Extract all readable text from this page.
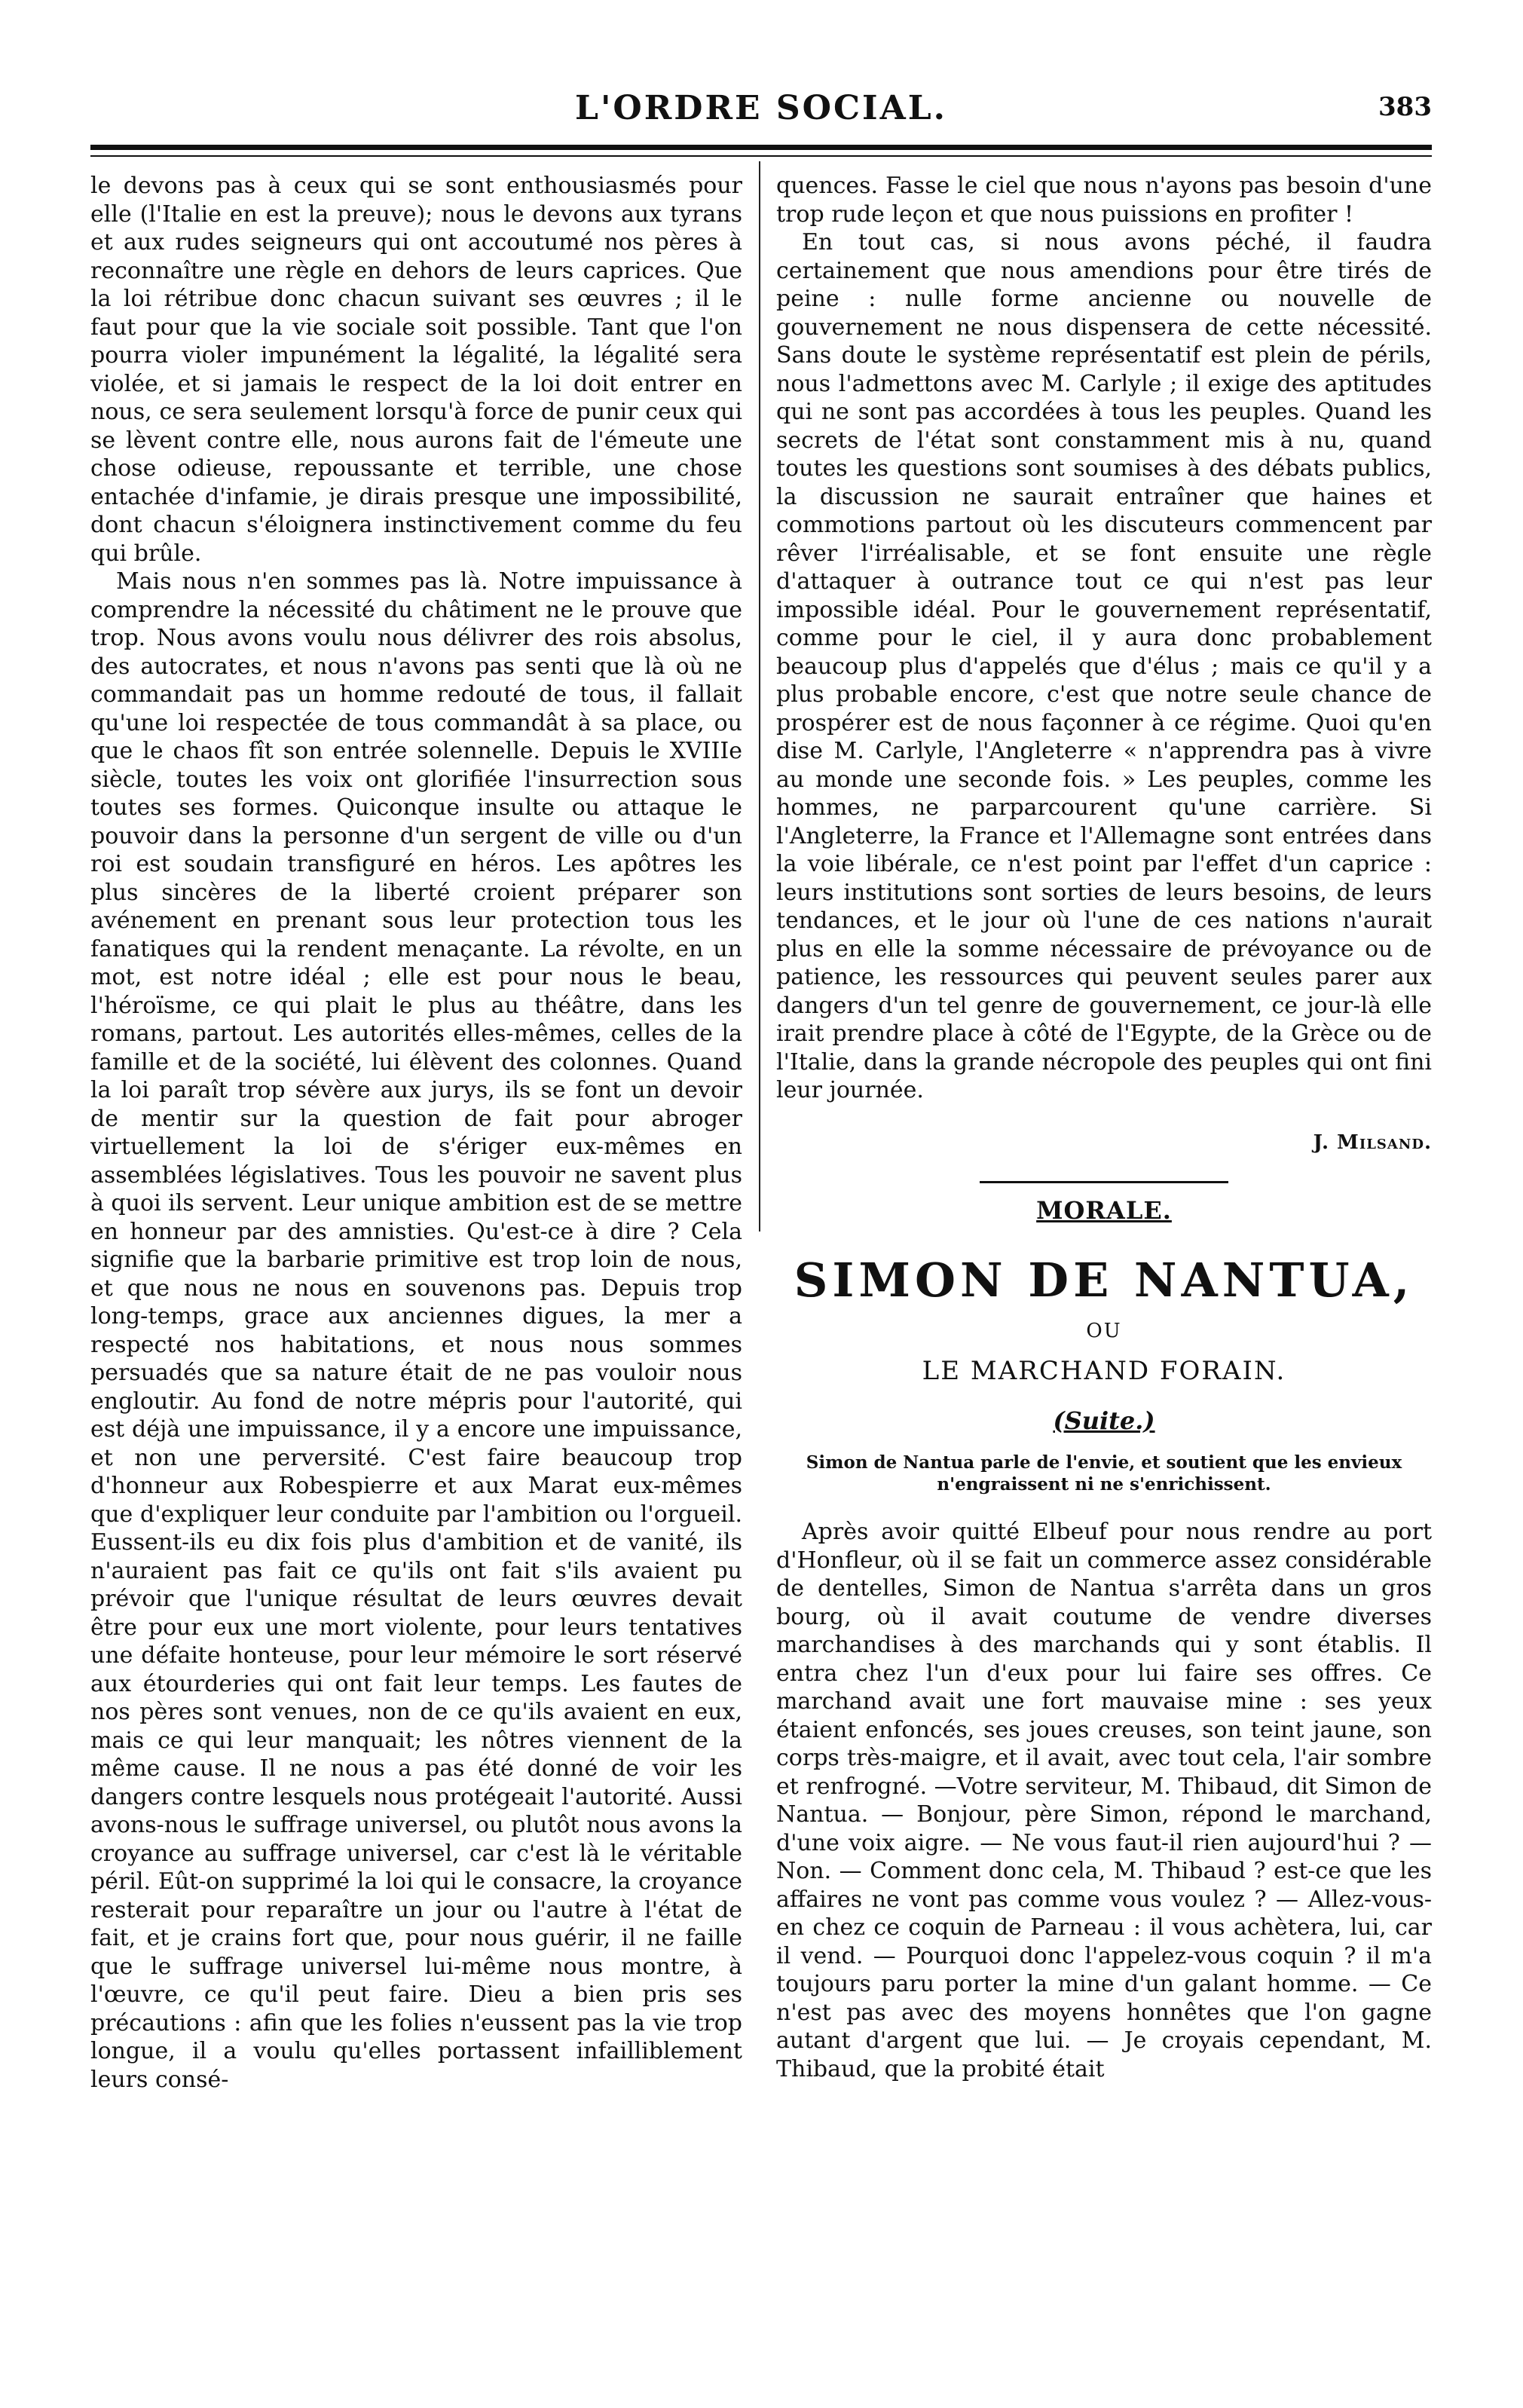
L'ORDRE SOCIAL.	383

le devons pas à ceux qui se sont enthousiasmés pour elle (l'Italie en est la preuve); nous le devons aux tyrans et aux rudes seigneurs qui ont accoutumé nos pères à reconnaître une règle en dehors de leurs caprices. Que la loi rétribue donc chacun suivant ses œuvres ; il le faut pour que la vie sociale soit possible. Tant que l'on pourra violer impunément la légalité, la légalité sera violée, et si jamais le respect de la loi doit entrer en nous, ce sera seulement lorsqu'à force de punir ceux qui se lèvent contre elle, nous aurons fait de l'émeute une chose odieuse, repoussante et terrible, une chose entachée d'infamie, je dirais presque une impossibilité, dont chacun s'éloignera instinctivement comme du feu qui brûle.

Mais nous n'en sommes pas là. Notre impuissance à comprendre la nécessité du châtiment ne le prouve que trop. Nous avons voulu nous délivrer des rois absolus, des autocrates, et nous n'avons pas senti que là où ne commandait pas un homme redouté de tous, il fallait qu'une loi respectée de tous commandât à sa place, ou que le chaos fît son entrée solennelle. Depuis le XVIIIe siècle, toutes les voix ont glorifiée l'insurrection sous toutes ses formes. Quiconque insulte ou attaque le pouvoir dans la personne d'un sergent de ville ou d'un roi est soudain transfiguré en héros. Les apôtres les plus sincères de la liberté croient préparer son avénement en prenant sous leur protection tous les fanatiques qui la rendent menaçante. La révolte, en un mot, est notre idéal ; elle est pour nous le beau, l'héroïsme, ce qui plait le plus au théâtre, dans les romans, partout. Les autorités elles-mêmes, celles de la famille et de la société, lui élèvent des colonnes. Quand la loi paraît trop sévère aux jurys, ils se font un devoir de mentir sur la question de fait pour abroger virtuellement la loi de s'ériger eux-mêmes en assemblées législatives. Tous les pouvoir ne savent plus à quoi ils servent. Leur unique ambition est de se mettre en honneur par des amnisties. Qu'est-ce à dire ? Cela signifie que la barbarie primitive est trop loin de nous, et que nous ne nous en souvenons pas. Depuis trop long-temps, grace aux anciennes digues, la mer a respecté nos habitations, et nous nous sommes persuadés que sa nature était de ne pas vouloir nous engloutir. Au fond de notre mépris pour l'autorité, qui est déjà une impuissance, il y a encore une impuissance, et non une perversité. C'est faire beaucoup trop d'honneur aux Robespierre et aux Marat eux-mêmes que d'expliquer leur conduite par l'ambition ou l'orgueil. Eussent-ils eu dix fois plus d'ambition et de vanité, ils n'auraient pas fait ce qu'ils ont fait s'ils avaient pu prévoir que l'unique résultat de leurs œuvres devait être pour eux une mort violente, pour leurs tentatives une défaite honteuse, pour leur mémoire le sort réservé aux étourderies qui ont fait leur temps. Les fautes de nos pères sont venues, non de ce qu'ils avaient en eux, mais ce qui leur manquait; les nôtres viennent de la même cause. Il ne nous a pas été donné de voir les dangers contre lesquels nous protégeait l'autorité. Aussi avons-nous le suffrage universel, ou plutôt nous avons la croyance au suffrage universel, car c'est là le véritable péril. Eût-on supprimé la loi qui le consacre, la croyance resterait pour reparaître un jour ou l'autre à l'état de fait, et je crains fort que, pour nous guérir, il ne faille que le suffrage universel lui-même nous montre, à l'œuvre, ce qu'il peut faire. Dieu a bien pris ses précautions : afin que les folies n'eussent pas la vie trop longue, il a voulu qu'elles portassent infailliblement leurs consé-

quences. Fasse le ciel que nous n'ayons pas besoin d'une trop rude leçon et que nous puissions en profiter !

En tout cas, si nous avons péché, il faudra certainement que nous amendions pour être tirés de peine : nulle forme ancienne ou nouvelle de gouvernement ne nous dispensera de cette nécessité. Sans doute le système représentatif est plein de périls, nous l'admettons avec M. Carlyle ; il exige des aptitudes qui ne sont pas accordées à tous les peuples. Quand les secrets de l'état sont constamment mis à nu, quand toutes les questions sont soumises à des débats publics, la discussion ne saurait entraîner que haines et commotions partout où les discuteurs commencent par rêver l'irréalisable, et se font ensuite une règle d'attaquer à outrance tout ce qui n'est pas leur impossible idéal. Pour le gouvernement représentatif, comme pour le ciel, il y aura donc probablement beaucoup plus d'appelés que d'élus ; mais ce qu'il y a plus probable encore, c'est que notre seule chance de prospérer est de nous façonner à ce régime. Quoi qu'en dise M. Carlyle, l'Angleterre « n'apprendra pas à vivre au monde une seconde fois. » Les peuples, comme les hommes, ne parparcourent qu'une carrière. Si l'Angleterre, la France et l'Allemagne sont entrées dans la voie libérale, ce n'est point par l'effet d'un caprice : leurs institutions sont sorties de leurs besoins, de leurs tendances, et le jour où l'une de ces nations n'aurait plus en elle la somme nécessaire de prévoyance ou de patience, les ressources qui peuvent seules parer aux dangers d'un tel genre de gouvernement, ce jour-là elle irait prendre place à côté de l'Egypte, de la Grèce ou de l'Italie, dans la grande nécropole des peuples qui ont fini leur journée.

J. Milsand.
MORALE.
SIMON DE NANTUA,
OU
LE MARCHAND FORAIN.
(Suite.)
Simon de Nantua parle de l'envie, et soutient que les envieux n'engraissent ni ne s'enrichissent.

Après avoir quitté Elbeuf pour nous rendre au port d'Honfleur, où il se fait un commerce assez considérable de dentelles, Simon de Nantua s'arrêta dans un gros bourg, où il avait coutume de vendre diverses marchandises à des marchands qui y sont établis. Il entra chez l'un d'eux pour lui faire ses offres. Ce marchand avait une fort mauvaise mine : ses yeux étaient enfoncés, ses joues creuses, son teint jaune, son corps très-maigre, et il avait, avec tout cela, l'air sombre et renfrogné. —Votre serviteur, M. Thibaud, dit Simon de Nantua. — Bonjour, père Simon, répond le marchand, d'une voix aigre. — Ne vous faut-il rien aujourd'hui ? — Non. — Comment donc cela, M. Thibaud ? est-ce que les affaires ne vont pas comme vous voulez ? — Allez-vous-en chez ce coquin de Parneau : il vous achètera, lui, car il vend. — Pourquoi donc l'appelez-vous coquin ? il m'a toujours paru porter la mine d'un galant homme. — Ce n'est pas avec des moyens honnêtes que l'on gagne autant d'argent que lui. — Je croyais cependant, M. Thibaud, que la probité était
